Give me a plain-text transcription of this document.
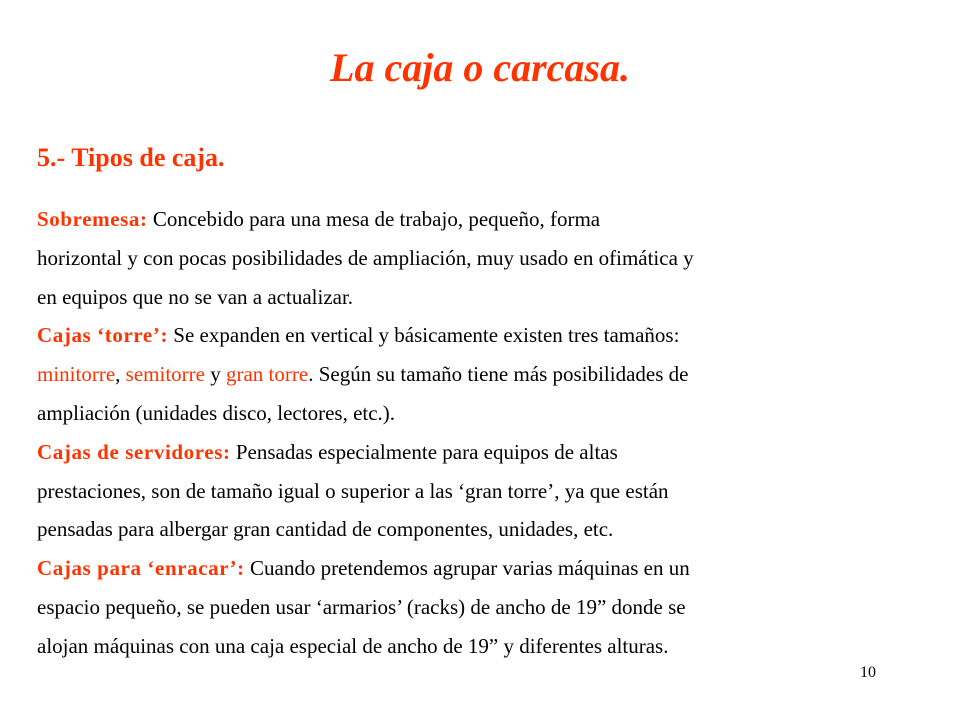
La caja o carcasa.
5.- Tipos de caja.
Sobremesa: Concebido para una mesa de trabajo, pequeño, forma
horizontal y con pocas posibilidades de ampliación, muy usado en ofimática y
en equipos que no se van a actualizar.
Cajas ‘torre’: Se expanden en vertical y básicamente existen tres tamaños:
minitorre, semitorre y gran torre. Según su tamaño tiene más posibilidades de
ampliación (unidades disco, lectores, etc.).
Cajas de servidores: Pensadas especialmente para equipos de altas
prestaciones, son de tamaño igual o superior a las ‘gran torre’, ya que están
pensadas para albergar gran cantidad de componentes, unidades, etc.
Cajas para ‘enracar’: Cuando pretendemos agrupar varias máquinas en un
espacio pequeño, se pueden usar ‘armarios’ (racks) de ancho de 19” donde se
alojan máquinas con una caja especial de ancho de 19” y diferentes alturas.
10
